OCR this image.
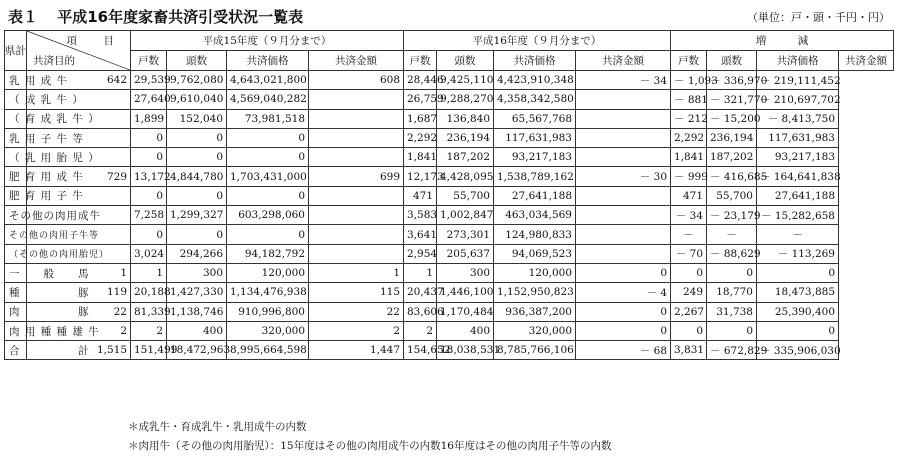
表１ 平成16年度家畜共済引受状況一覧表	（単位：戸・頭・千円・円）
県計	項　目
共済目的	平成15年度（９月分まで）				平成16年度（９月分まで）				増　　　減			
		戸数	頭数	共済価格	共済金額	戸数	頭数	共済価格	共済金額	戸数	頭数	共済価格	共済金額
乳 用 成 牛	642	29,539	9,762,080	4,643,021,800	608	28,446	9,425,110	4,423,910,348	－ 34	－ 1,093	－ 336,970	－ 219,111,452	
（ 成 乳 牛 ）		27,640	9,610,040	4,569,040,282		26,759	9,288,270	4,358,342,580		－ 881	－ 321,770	－ 210,697,702	
（ 育 成 乳 牛 ）		1,899	152,040	73,981,518		1,687	136,840	65,567,768		－ 212	－ 15,200	－ 8,413,750	
乳 用 子 牛 等		0	0	0		2,292	236,194	117,631,983		2,292	236,194	117,631,983	
（ 乳 用 胎 児 ）		0	0	0		1,841	187,202	93,217,183		1,841	187,202	93,217,183	
肥 育 用 成 牛	729	13,172	4,844,780	1,703,431,000	699	12,173	4,428,095	1,538,789,162	－ 30	－ 999	－ 416,685	－ 164,641,838	
肥 育 用 子 牛		0	0	0		471	55,700	27,641,188		471	55,700	27,641,188	
その他の肉用成牛		7,258	1,299,327	603,298,060		3,583	1,002,847	463,034,569		－ 34	－ 23,179	－ 15,282,658	
その他の肉用子牛等		0	0	0		3,641	273,301	124,980,833		－	－	－	
（その他の肉用胎児）		3,024	294,266	94,182,792		2,954	205,637	94,069,523		－ 70	－ 88,629	－ 113,269	
一　　般　　馬	1	1	300	120,000	1	1	300	120,000	0	0	0	0	
種　　　　　豚	119	20,188	1,427,330	1,134,476,938	115	20,437	1,446,100	1,152,950,823	－ 4	249	18,770	18,473,885	
肉　　　　　豚	22	81,339	1,138,746	910,996,800	22	83,606	1,170,484	936,387,200	0	2,267	31,738	25,390,400	
肉 用 種 種 雄 牛	2	2	400	320,000	2	2	400	320,000	0	0	0	0	
合　　　　　計	1,515	151,499	18,472,963	8,995,664,598	1,447	154,652	18,038,531	8,785,766,106	－ 68	3,831	－ 672,829	－ 335,906,030	
＊成乳牛・育成乳牛・乳用成牛の内数
＊肉用牛（その他の肉用胎児）：15年度はその他の肉用成牛の内数16年度はその他の肉用子牛等の内数
